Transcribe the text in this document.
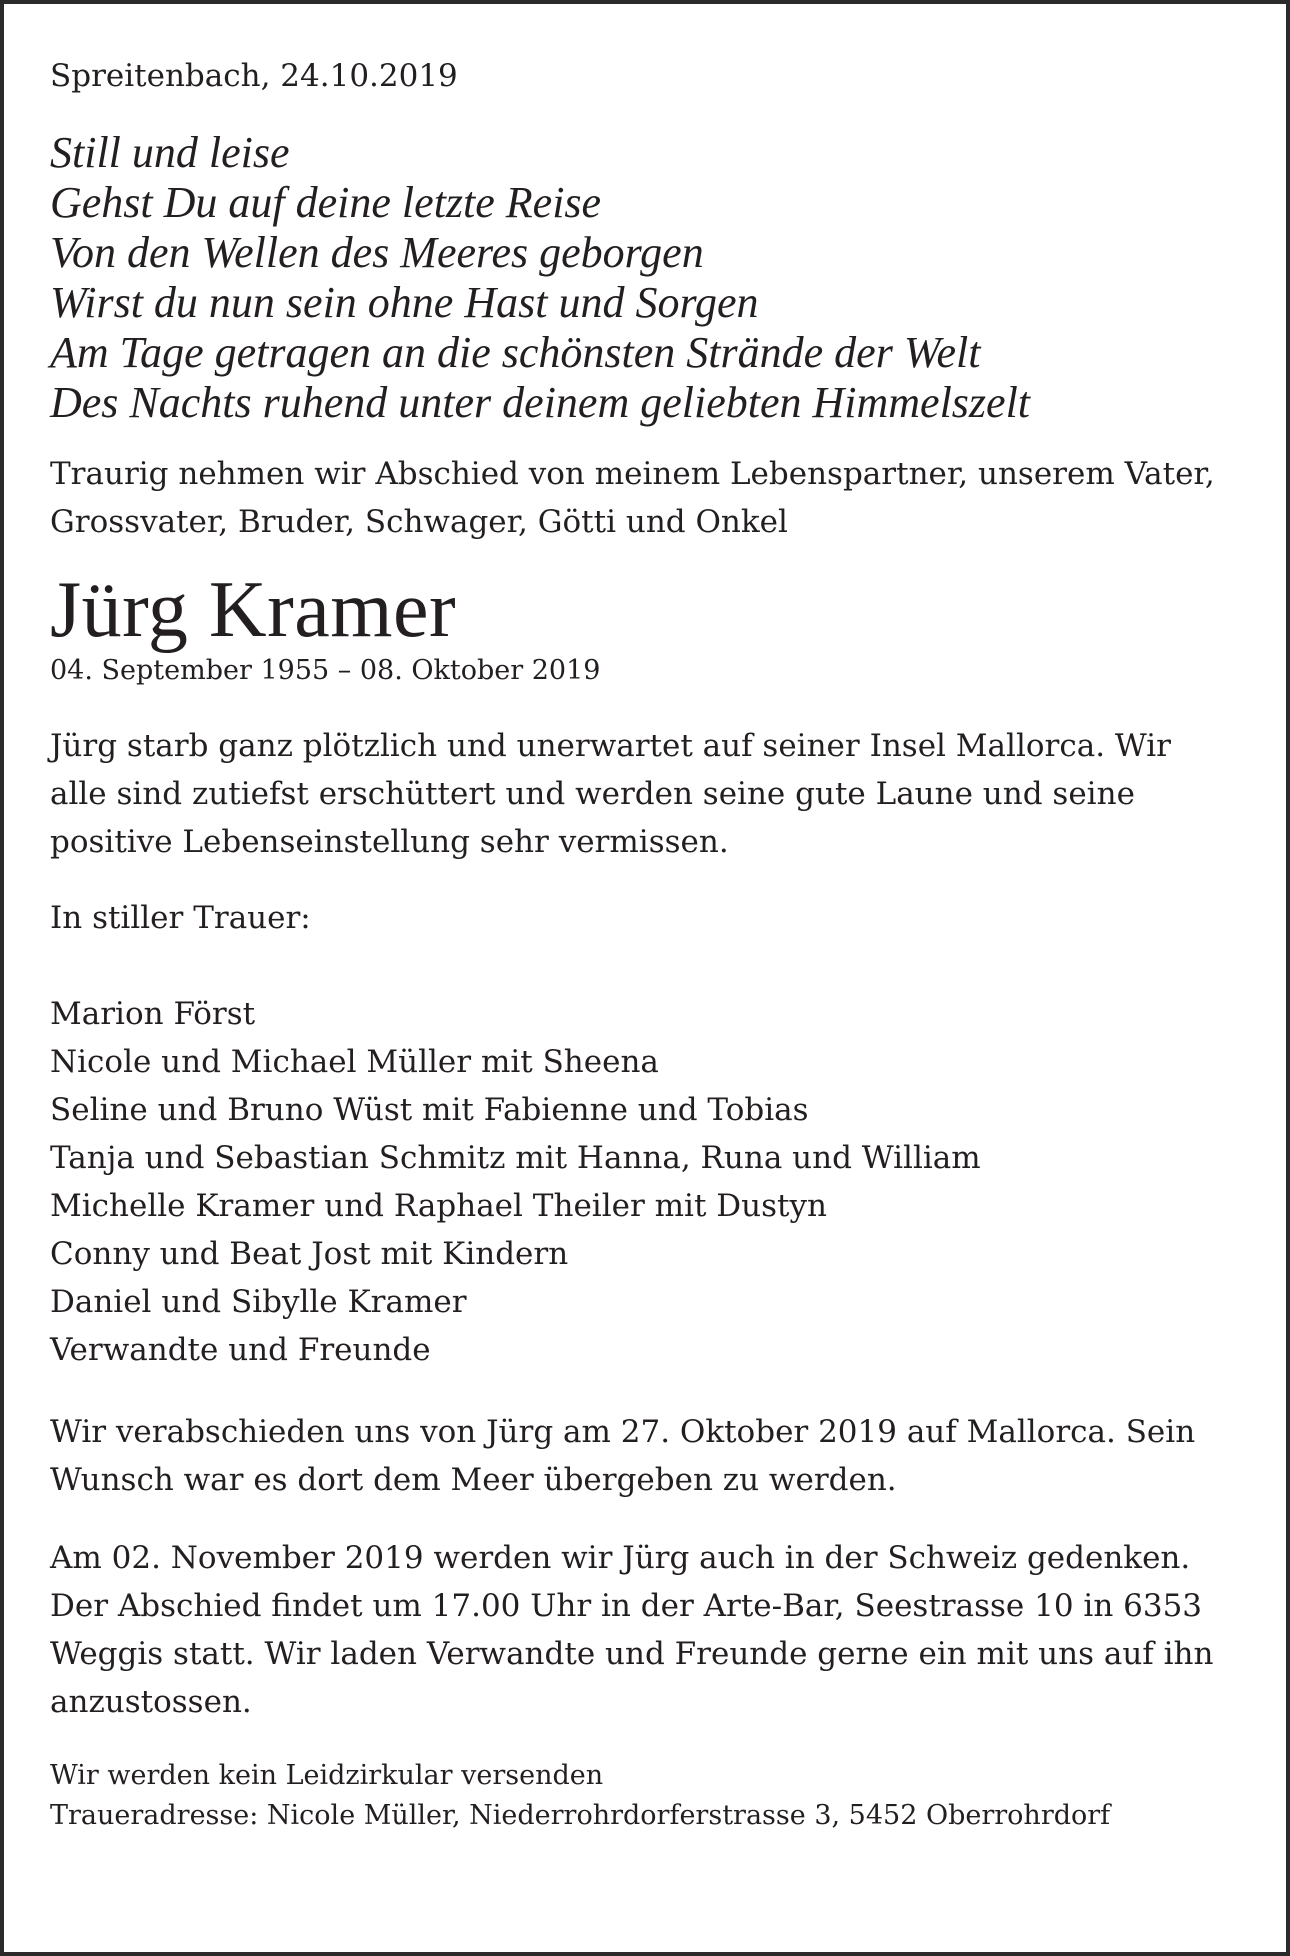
Spreitenbach, 24.10.2019

Still und leise
Gehst Du auf deine letzte Reise
Von den Wellen des Meeres geborgen
Wirst du nun sein ohne Hast und Sorgen
Am Tage getragen an die schönsten Strände der Welt
Des Nachts ruhend unter deinem geliebten Himmelszelt
Traurig nehmen wir Abschied von meinem Lebenspartner, unserem Vater, Grossvater, Bruder, Schwager, Götti und Onkel
Jürg Kramer
04. September 1955 – 08. Oktober 2019
Jürg starb ganz plötzlich und unerwartet auf seiner Insel Mallorca. Wir alle sind zutiefst erschüttert und werden seine gute Laune und seine positive Lebenseinstellung sehr vermissen.
In stiller Trauer:
Marion Först
Nicole und Michael Müller mit Sheena
Seline und Bruno Wüst mit Fabienne und Tobias
Tanja und Sebastian Schmitz mit Hanna, Runa und William
Michelle Kramer und Raphael Theiler mit Dustyn
Conny und Beat Jost mit Kindern
Daniel und Sibylle Kramer
Verwandte und Freunde
Wir verabschieden uns von Jürg am 27. Oktober 2019 auf Mallorca. Sein Wunsch war es dort dem Meer übergeben zu werden.
Am 02. November 2019 werden wir Jürg auch in der Schweiz gedenken. Der Abschied findet um 17.00 Uhr in der Arte-Bar, Seestrasse 10 in 6353 Weggis statt. Wir laden Verwandte und Freunde gerne ein mit uns auf ihn anzustossen.
Wir werden kein Leidzirkular versenden
Traueradresse: Nicole Müller, Niederrohrdorferstrasse 3, 5452 Oberrohrdorf
